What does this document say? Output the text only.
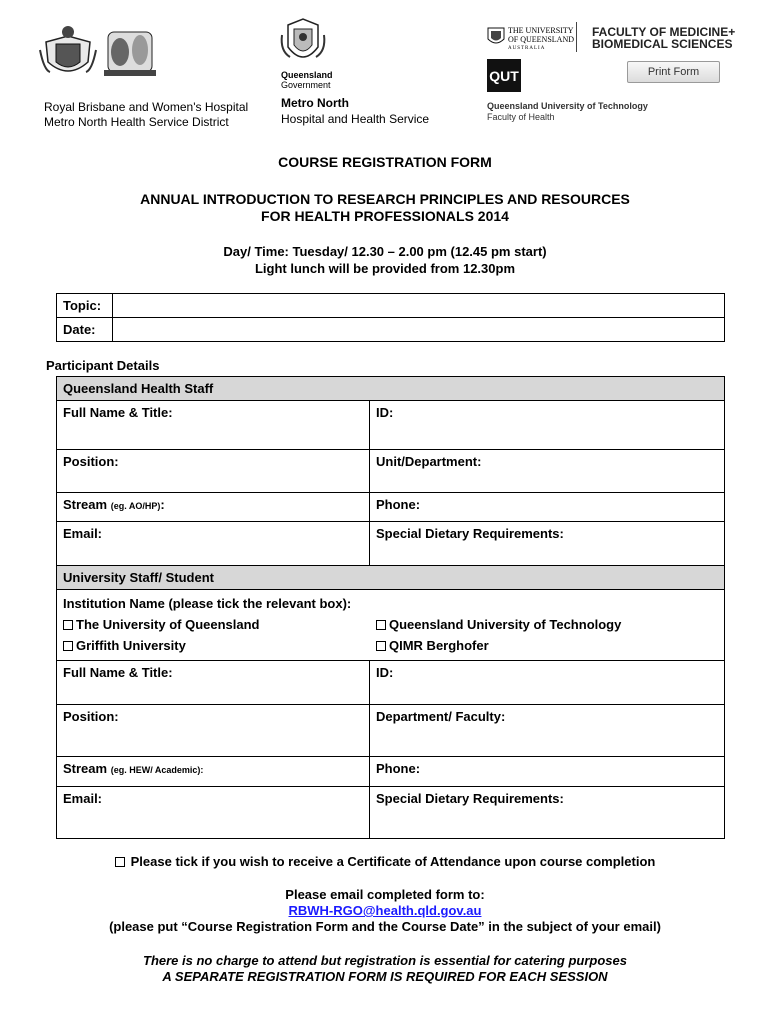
Royal Brisbane and Women's Hospital
Metro North Health Service District
Queensland
Government
Metro North
Hospital and Health Service
THE UNIVERSITY
OF QUEENSLAND
AUSTRALIA
FACULTY OF MEDICINE+
BIOMEDICAL SCIENCES
QUT
Queensland University of Technology
Faculty of Health
Print Form
COURSE REGISTRATION FORM
ANNUAL INTRODUCTION TO RESEARCH PRINCIPLES AND RESOURCES
FOR HEALTH PROFESSIONALS 2014
Day/ Time: Tuesday/ 12.30 – 2.00 pm (12.45 pm start)
Light lunch will be provided from 12.30pm
Topic:	
Date:	
Participant Details
Queensland Health Staff	
Full Name & Title:	ID:
Position:	Unit/Department:
Stream (eg. AO/HP):	Phone:
Email:	Special Dietary Requirements:
University Staff/ Student	

Institution Name (please tick the relevant box):
The University of Queensland Queensland University of Technology
Griffith University QIMR Berghofer	

Full Name & Title:	ID:
Position:	Department/ Faculty:
Stream (eg. HEW/ Academic):	Phone:
Email:	Special Dietary Requirements:
Please tick if you wish to receive a Certificate of Attendance upon course completion
Please email completed form to:
RBWH-RGO@health.qld.gov.au
(please put “Course Registration Form and the Course Date” in the subject of your email)
There is no charge to attend but registration is essential for catering purposes
A SEPARATE REGISTRATION FORM IS REQUIRED FOR EACH SESSION
